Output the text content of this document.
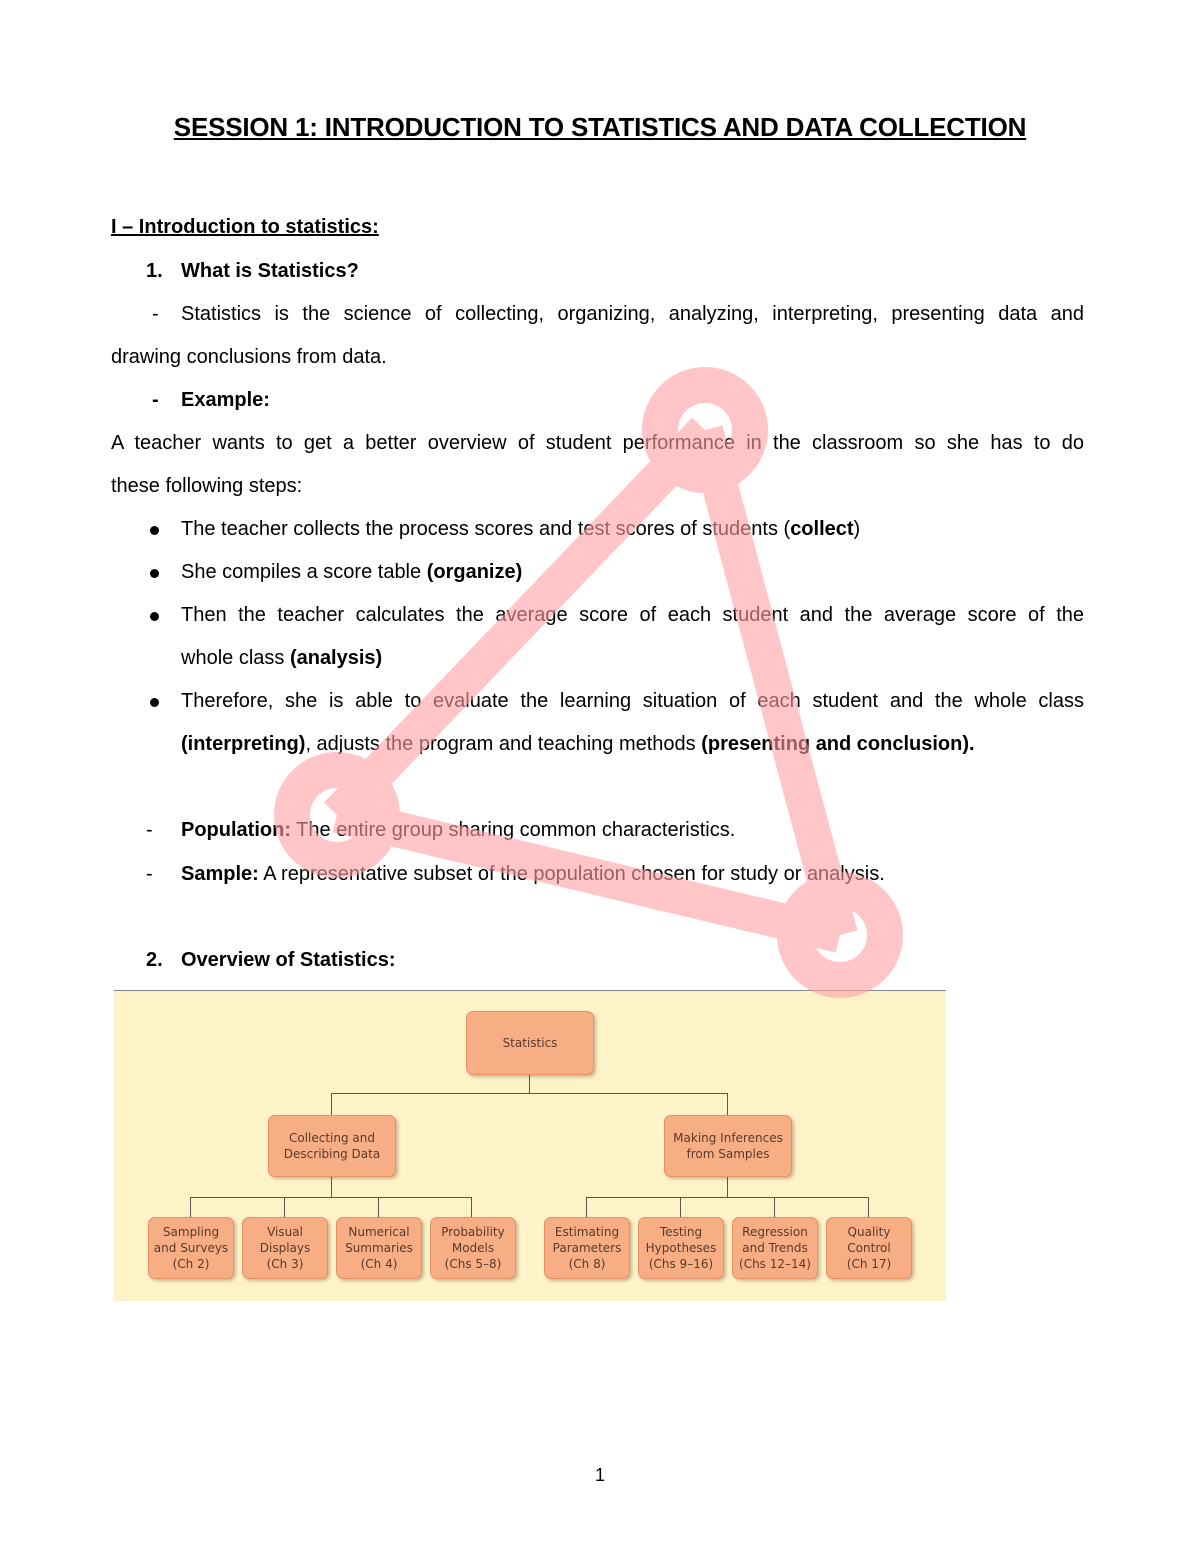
SESSION 1: INTRODUCTION TO STATISTICS AND DATA COLLECTION
I – Introduction to statistics:
1. What is Statistics?
- Statistics is the science of collecting, organizing, analyzing, interpreting, presenting data and
drawing conclusions from data.
- Example:
A teacher wants to get a better overview of student performance in the classroom so she has to do
these following steps:
The teacher collects the process scores and test scores of students (collect)
She compiles a score table (organize)
Then the teacher calculates the average score of each student and the average score of the
whole class (analysis)
Therefore, she is able to evaluate the learning situation of each student and the whole class
(interpreting), adjusts the program and teaching methods (presenting and conclusion).
- Population: The entire group sharing common characteristics.
- Sample: A representative subset of the population chosen for study or analysis.
2. Overview of Statistics:
Statistics
Collecting and
Describing Data
Making Inferences
from Samples
Sampling
and Surveys
(Ch 2)
Visual
Displays
(Ch 3)
Numerical
Summaries
(Ch 4)
Probability
Models
(Chs 5–8)
Estimating
Parameters
(Ch 8)
Testing
Hypotheses
(Chs 9–16)
Regression
and Trends
(Chs 12–14)
Quality
Control
(Ch 17)
1
